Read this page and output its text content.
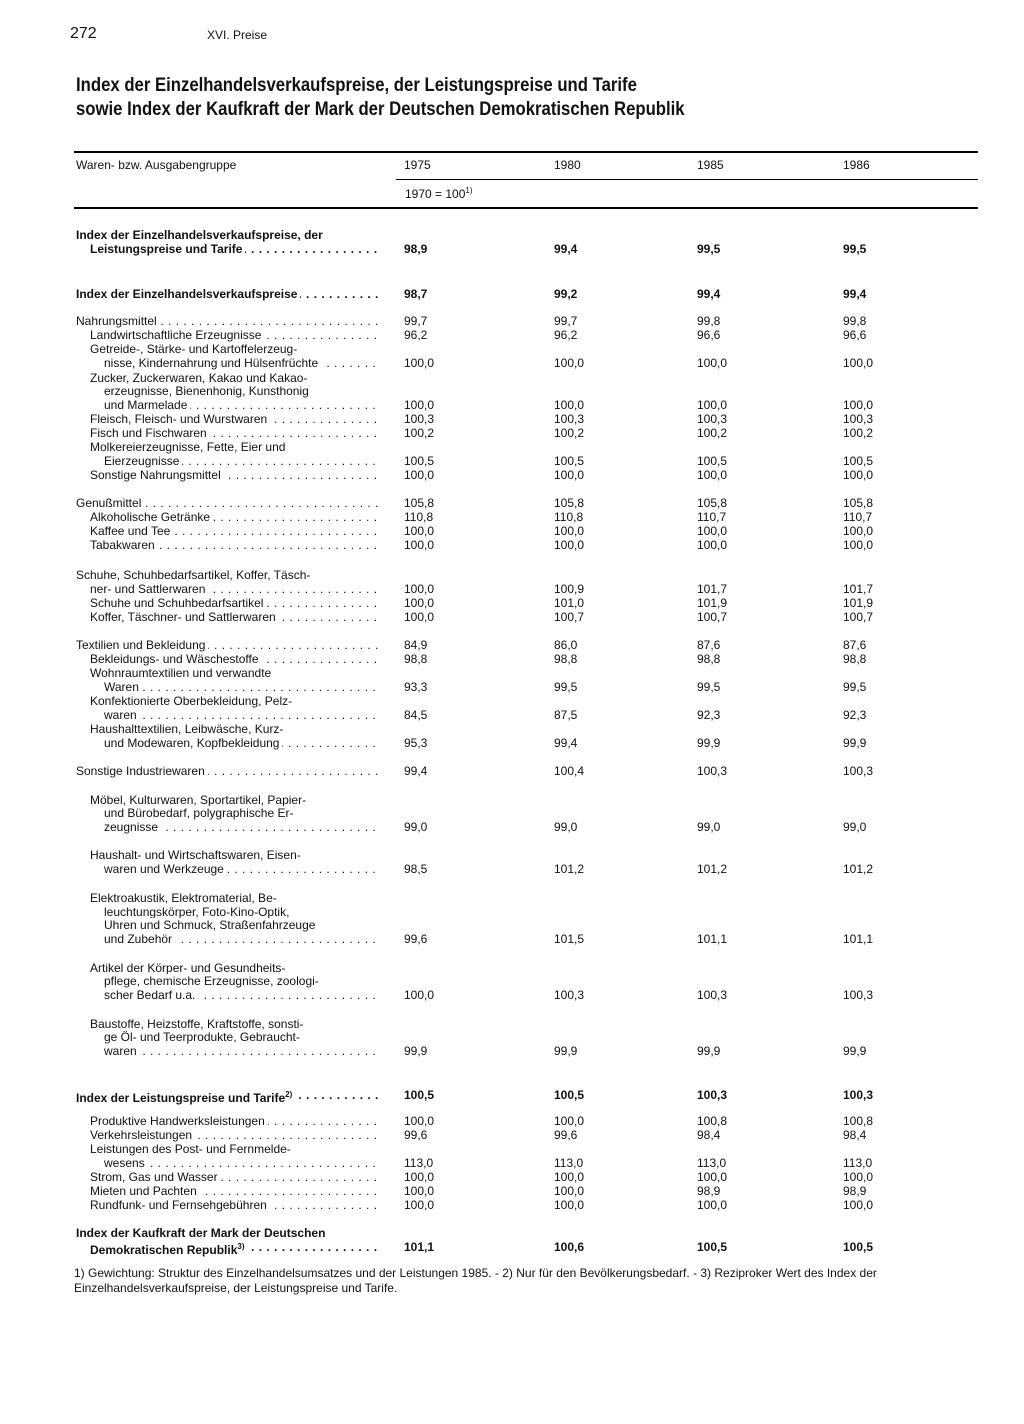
272	XVI. Preise
Index der Einzelhandelsverkaufspreise, der Leistungspreise und Tarife
sowie Index der Kaufkraft der Mark der Deutschen Demokratischen Republik
Waren- bzw. Ausgabengruppe	1975	1980	1985	1986
$1970 = 100^{1)}$
Index der Einzelhandelsverkaufspreise, der
Leistungspreise und Tarife . . .	98,9	99,4	99,5	99,5
Index der Einzelhandelsverkaufspreise . . .	98,7	99,2	99,4	99,4
Nahrungsmittel . . .	99,7	99,7	99,8	99,8
Landwirtschaftliche Erzeugnisse . . .	96,2	96,2	96,6	96,6
Getreide-, Stärke- und Kartoffelerzeug-
nisse, Kindernahrung und Hülsenfrüchte . . .	100,0	100,0	100,0	100,0
Zucker, Zuckerwaren, Kakao und Kakao-
erzeugnisse, Bienenhonig, Kunsthonig
und Marmelade . . .	100,0	100,0	100,0	100,0
Fleisch, Fleisch- und Wurstwaren . . .	100,3	100,3	100,3	100,3
Fisch und Fischwaren . . .	100,2	100,2	100,2	100,2
Molkereierzeugnisse, Fette, Eier und
Eierzeugnisse . . .	100,5	100,5	100,5	100,5
Sonstige Nahrungsmittel . . .	100,0	100,0	100,0	100,0
Genußmittel . . .	105,8	105,8	105,8	105,8
Alkoholische Getränke . . .	110,8	110,8	110,7	110,7
Kaffee und Tee . . .	100,0	100,0	100,0	100,0
Tabakwaren . . .	100,0	100,0	100,0	100,0
Schuhe, Schuhbedarfsartikel, Koffer, Täsch-
ner- und Sattlerwaren . . .	100,0	100,9	101,7	101,7
Schuhe und Schuhbedarfsartikel . . .	100,0	101,0	101,9	101,9
Koffer, Täschner- und Sattlerwaren . . .	100,0	100,7	100,7	100,7
Textilien und Bekleidung . . .	84,9	86,0	87,6	87,6
Bekleidungs- und Wäschestoffe . . .	98,8	98,8	98,8	98,8
Wohnraumtextilien und verwandte
Waren . . .	93,3	99,5	99,5	99,5
Konfektionierte Oberbekleidung, Pelz-
waren . . .	84,5	87,5	92,3	92,3
Haushalttextilien, Leibwäsche, Kurz-
und Modewaren, Kopfbekleidung . . .	95,3	99,4	99,9	99,9
Sonstige Industriewaren . . .	99,4	100,4	100,3	100,3
Möbel, Kulturwaren, Sportartikel, Papier-
und Bürobedarf, polygraphische Er-
zeugnisse . . .	99,0	99,0	99,0	99,0
Haushalt- und Wirtschaftswaren, Eisen-
waren und Werkzeuge . . .	98,5	101,2	101,2	101,2
Elektroakustik, Elektromaterial, Be-
leuchtungskörper, Foto-Kino-Optik,
Uhren und Schmuck, Straßenfahrzeuge
und Zubehör . . .	99,6	101,5	101,1	101,1
Artikel der Körper- und Gesundheits-
pflege, chemische Erzeugnisse, zoologi-
scher Bedarf u.a. . . .	100,0	100,3	100,3	100,3
Baustoffe, Heizstoffe, Kraftstoffe, sonsti-
ge Öl- und Teerprodukte, Gebraucht-
waren . . .	99,9	99,9	99,9	99,9
Index der Leistungspreise und Tarife$^{2)}$ . . .	100,5	100,5	100,3	100,3
Produktive Handwerksleistungen . . .	100,0	100,0	100,8	100,8
Verkehrsleistungen . . .	99,6	99,6	98,4	98,4
Leistungen des Post- und Fernmelde-
wesens . . .	113,0	113,0	113,0	113,0
Strom, Gas und Wasser . . .	100,0	100,0	100,0	100,0
Mieten und Pachten . . .	100,0	100,0	98,9	98,9
Rundfunk- und Fernsehgebühren . . .	100,0	100,0	100,0	100,0
Index der Kaufkraft der Mark der Deutschen
Demokratischen Republik$^{3)}$ . . .	101,1	100,6	100,5	100,5
1) Gewichtung: Struktur des Einzelhandelsumsatzes und der Leistungen 1985. - 2) Nur für den Bevölkerungsbedarf. - 3) Reziproker Wert des Index der Einzelhandelsverkaufspreise, der Leistungspreise und Tarife.
